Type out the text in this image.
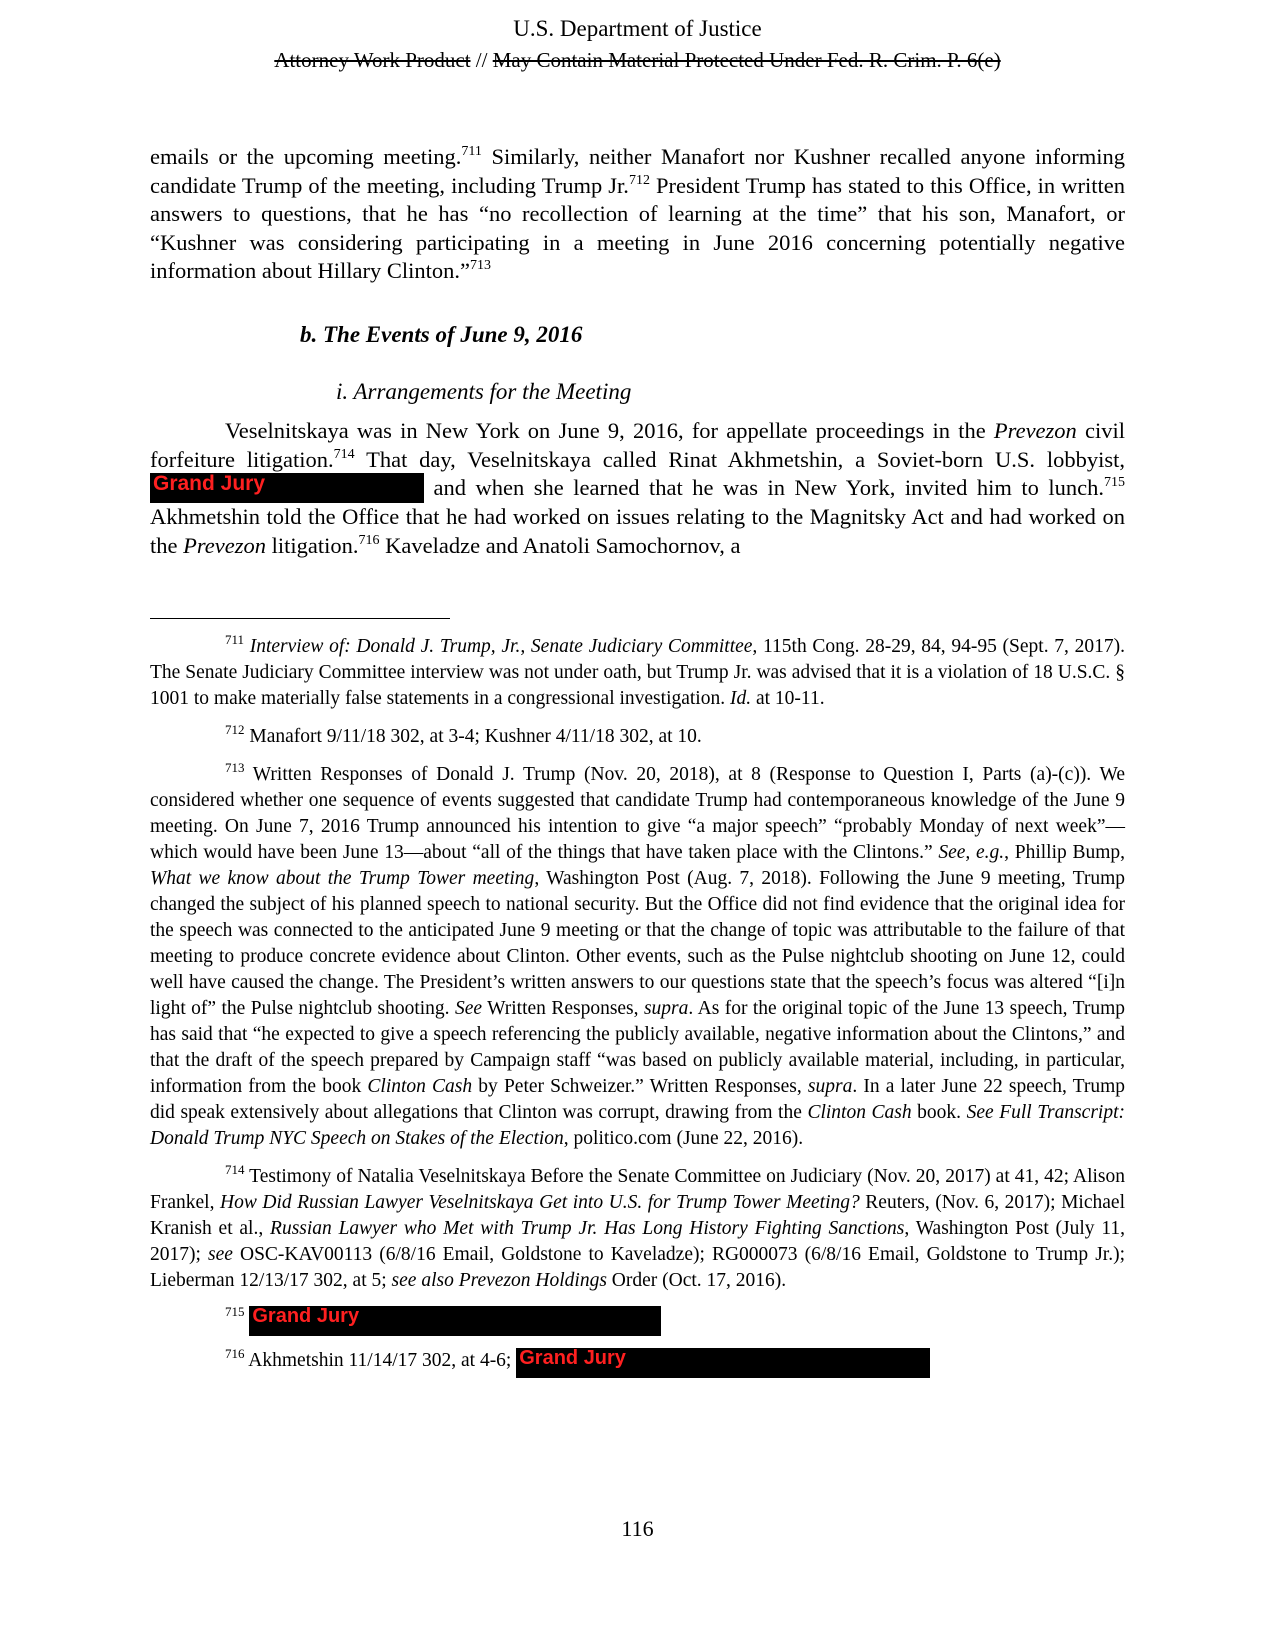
U.S. Department of Justice
Attorney Work Product // May Contain Material Protected Under Fed. R. Crim. P. 6(e)

emails or the upcoming meeting.$^{711}$ Similarly, neither Manafort nor Kushner recalled anyone informing candidate Trump of the meeting, including Trump Jr.$^{712}$ President Trump has stated to this Office, in written answers to questions, that he has “no recollection of learning at the time” that his son, Manafort, or “Kushner was considering participating in a meeting in June 2016 concerning potentially negative information about Hillary Clinton.”$^{713}$

b. The Events of June 9, 2016
i. Arrangements for the Meeting

Veselnitskaya was in New York on June 9, 2016, for appellate proceedings in the Prevezon civil forfeiture litigation.$^{714}$ That day, Veselnitskaya called Rinat Akhmetshin, a Soviet-born U.S. lobbyist, Grand Jury	and when she learned that he was in New York, invited him to lunch.$^{715}$ Akhmetshin told the Office that he had worked on issues relating to the Magnitsky Act and had worked on the Prevezon litigation.$^{716}$ Kaveladze and Anatoli Samochornov, a

$^{711}$ Interview of: Donald J. Trump, Jr., Senate Judiciary Committee, 115th Cong. 28-29, 84, 94-95 (Sept. 7, 2017). The Senate Judiciary Committee interview was not under oath, but Trump Jr. was advised that it is a violation of 18 U.S.C. § 1001 to make materially false statements in a congressional investigation. Id. at 10-11.

$^{712}$ Manafort 9/11/18 302, at 3-4; Kushner 4/11/18 302, at 10.

$^{713}$ Written Responses of Donald J. Trump (Nov. 20, 2018), at 8 (Response to Question I, Parts (a)-(c)). We considered whether one sequence of events suggested that candidate Trump had contemporaneous knowledge of the June 9 meeting. On June 7, 2016 Trump announced his intention to give “a major speech” “probably Monday of next week”—which would have been June 13—about “all of the things that have taken place with the Clintons.” See, e.g., Phillip Bump, What we know about the Trump Tower meeting, Washington Post (Aug. 7, 2018). Following the June 9 meeting, Trump changed the subject of his planned speech to national security. But the Office did not find evidence that the original idea for the speech was connected to the anticipated June 9 meeting or that the change of topic was attributable to the failure of that meeting to produce concrete evidence about Clinton. Other events, such as the Pulse nightclub shooting on June 12, could well have caused the change. The President’s written answers to our questions state that the speech’s focus was altered “[i]n light of” the Pulse nightclub shooting. See Written Responses, supra. As for the original topic of the June 13 speech, Trump has said that “he expected to give a speech referencing the publicly available, negative information about the Clintons,” and that the draft of the speech prepared by Campaign staff “was based on publicly available material, including, in particular, information from the book Clinton Cash by Peter Schweizer.” Written Responses, supra. In a later June 22 speech, Trump did speak extensively about allegations that Clinton was corrupt, drawing from the Clinton Cash book. See Full Transcript: Donald Trump NYC Speech on Stakes of the Election, politico.com (June 22, 2016).

$^{714}$ Testimony of Natalia Veselnitskaya Before the Senate Committee on Judiciary (Nov. 20, 2017) at 41, 42; Alison Frankel, How Did Russian Lawyer Veselnitskaya Get into U.S. for Trump Tower Meeting? Reuters, (Nov. 6, 2017); Michael Kranish et al., Russian Lawyer who Met with Trump Jr. Has Long History Fighting Sanctions, Washington Post (July 11, 2017); see OSC-KAV00113 (6/8/16 Email, Goldstone to Kaveladze); RG000073 (6/8/16 Email, Goldstone to Trump Jr.); Lieberman 12/13/17 302, at 5; see also Prevezon Holdings Order (Oct. 17, 2016).

$^{715}$ Grand Jury

$^{716}$ Akhmetshin 11/14/17 302, at 4-6; Grand Jury

116
